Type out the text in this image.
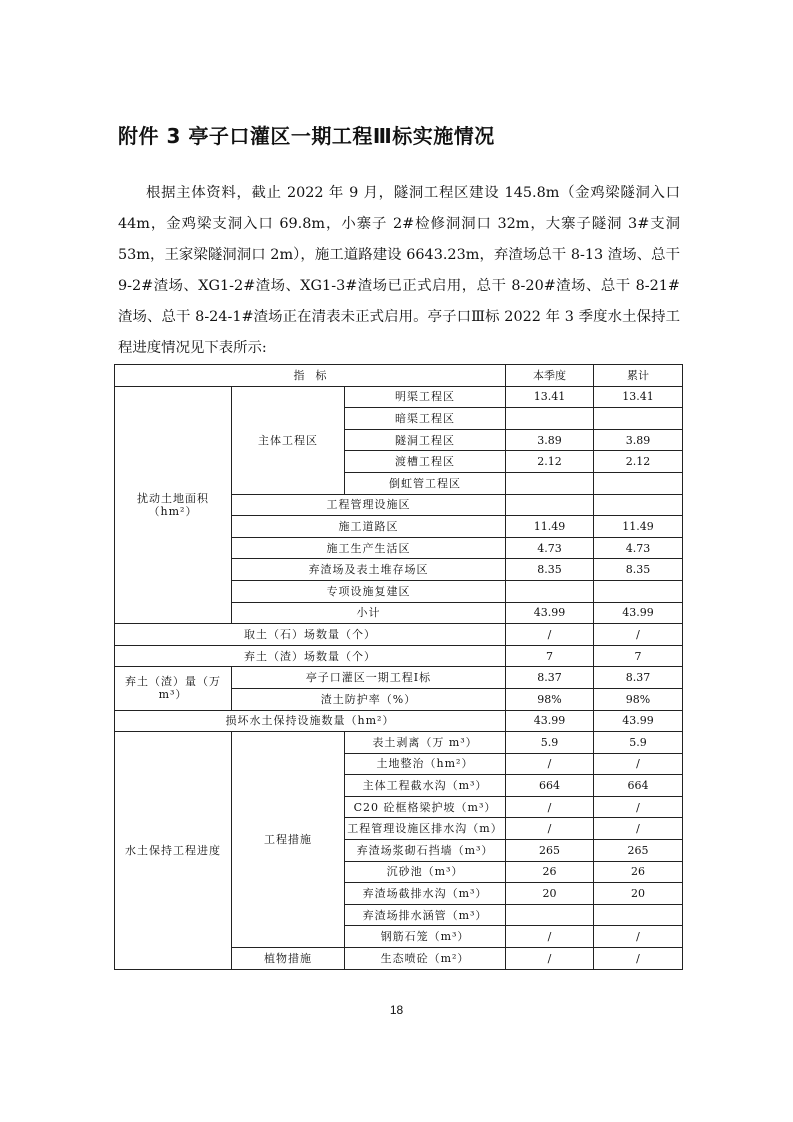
附件 3 亭子口灌区一期工程Ⅲ标实施情况
根据主体资料，截止 2022 年 9 月，隧洞工程区建设 145.8m（金鸡梁隧洞入口 44m，金鸡梁支洞入口 69.8m，小寨子 2#检修洞洞口 32m，大寨子隧洞 3#支洞 53m，王家梁隧洞洞口 2m），施工道路建设 6643.23m，弃渣场总干 8-13 渣场、总干 9-2#渣场、XG1-2#渣场、XG1-3#渣场已正式启用，总干 8-20#渣场、总干 8-21#渣场、总干 8-24-1#渣场正在清表未正式启用。亭子口Ⅲ标 2022 年 3 季度水土保持工程进度情况见下表所示:
指　标			本季度	累计
扰动土地面积（hm²）	主体工程区	明渠工程区	13.41	13.41
		暗渠工程区		
		隧洞工程区	3.89	3.89
		渡槽工程区	2.12	2.12
		倒虹管工程区		
	工程管理设施区			
	施工道路区		11.49	11.49
	施工生产生活区		4.73	4.73
	弃渣场及表土堆存场区		8.35	8.35
	专项设施复建区			
	小计		43.99	43.99
取土（石）场数量（个）			/	/
弃土（渣）场数量（个）			7	7
弃土（渣）量（万 m³）	亭子口灌区一期工程Ⅰ标		8.37	8.37
	渣土防护率（%）		98%	98%
损坏水土保持设施数量（hm²）			43.99	43.99
水土保持工程进度	工程措施	表土剥离（万 m³）	5.9	5.9
		土地整治（hm²）	/	/
		主体工程截水沟（m³）	664	664
		C20 砼框格梁护坡（m³）	/	/
		工程管理设施区排水沟（m）	/	/
		弃渣场浆砌石挡墙（m³）	265	265
		沉砂池（m³）	26	26
		弃渣场截排水沟（m³）	20	20
		弃渣场排水涵管（m³）		
		钢筋石笼（m³）	/	/
	植物措施	生态喷砼（m²）	/	/
18
